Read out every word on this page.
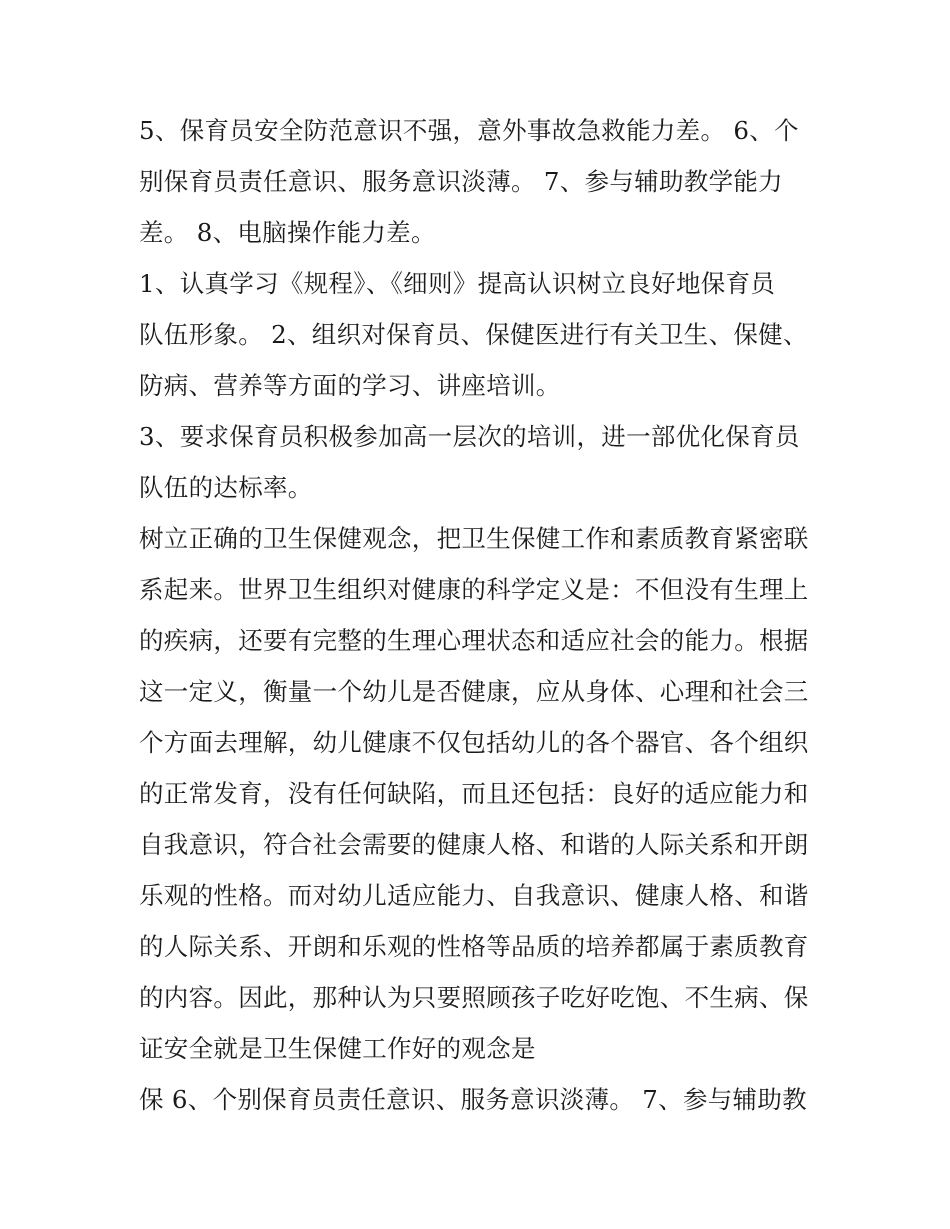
5、保育员安全防范意识不强，意外事故急救能力差。 6、个
别保育员责任意识、服务意识淡薄。 7、参与辅助教学能力
差。 8、电脑操作能力差。

1、认真学习《规程》、《细则》提高认识树立良好地保育员
队伍形象。 2、组织对保育员、保健医进行有关卫生、保健、
防病、营养等方面的学习、讲座培训。

3、要求保育员积极参加高一层次的培训，进一部优化保育员
队伍的达标率。

树立正确的卫生保健观念，把卫生保健工作和素质教育紧密联
系起来。世界卫生组织对健康的科学定义是：不但没有生理上
的疾病，还要有完整的生理心理状态和适应社会的能力。根据
这一定义，衡量一个幼儿是否健康，应从身体、心理和社会三
个方面去理解，幼儿健康不仅包括幼儿的各个器官、各个组织
的正常发育，没有任何缺陷，而且还包括：良好的适应能力和
自我意识，符合社会需要的健康人格、和谐的人际关系和开朗
乐观的性格。而对幼儿适应能力、自我意识、健康人格、和谐
的人际关系、开朗和乐观的性格等品质的培养都属于素质教育
的内容。因此，那种认为只要照顾孩子吃好吃饱、不生病、保
证安全就是卫生保健工作好的观念是

保 6、个别保育员责任意识、服务意识淡薄。 7、参与辅助教
